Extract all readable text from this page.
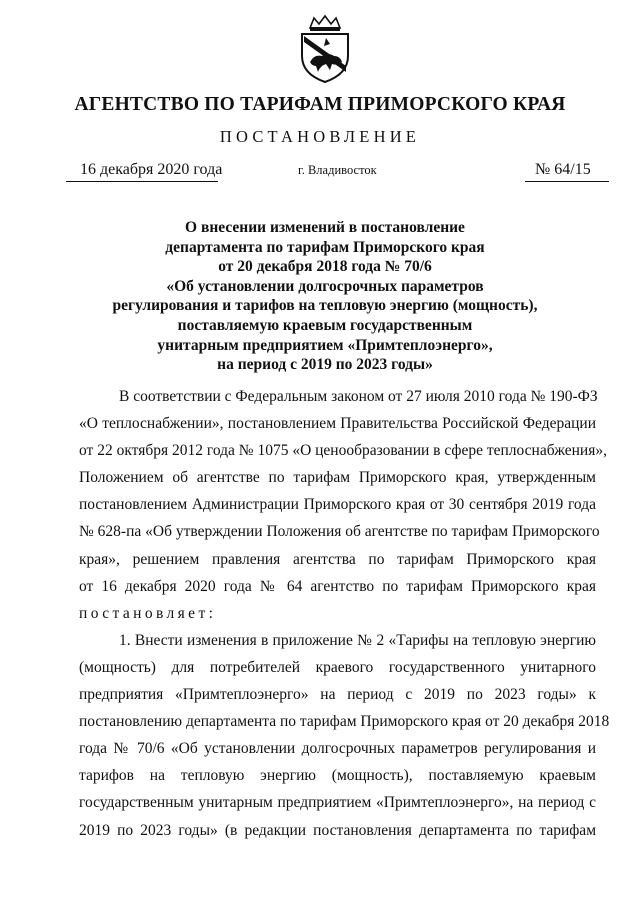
АГЕНТСТВО ПО ТАРИФАМ ПРИМОРСКОГО КРАЯ
ПОСТАНОВЛЕНИЕ
16 декабря 2020 года	г. Владивосток	№ 64/15
О внесении изменений в постановление
департамента по тарифам Приморского края
от 20 декабря 2018 года № 70/6
«Об установлении долгосрочных параметров
регулирования и тарифов на тепловую энергию (мощность),
поставляемую краевым государственным
унитарным предприятием «Примтеплоэнерго»,
на период с 2019 по 2023 годы»
В соответствии с Федеральным законом от 27 июля 2010 года № 190-ФЗ
«О теплоснабжении», постановлением Правительства Российской Федерации
от 22 октября 2012 года № 1075 «О ценообразовании в сфере теплоснабжения»,
Положением об агентстве по тарифам Приморского края, утвержденным
постановлением Администрации Приморского края от 30 сентября 2019 года
№ 628-па «Об утверждении Положения об агентстве по тарифам Приморского
края», решением правления агентства по тарифам Приморского края
от 16 декабря 2020 года № 64 агентство по тарифам Приморского края
постановляет:
1. Внести изменения в приложение № 2 «Тарифы на тепловую энергию
(мощность) для потребителей краевого государственного унитарного
предприятия «Примтеплоэнерго» на период с 2019 по 2023 годы» к
постановлению департамента по тарифам Приморского края от 20 декабря 2018
года № 70/6 «Об установлении долгосрочных параметров регулирования и
тарифов на тепловую энергию (мощность), поставляемую краевым
государственным унитарным предприятием «Примтеплоэнерго», на период с
2019 по 2023 годы» (в редакции постановления департамента по тарифам
